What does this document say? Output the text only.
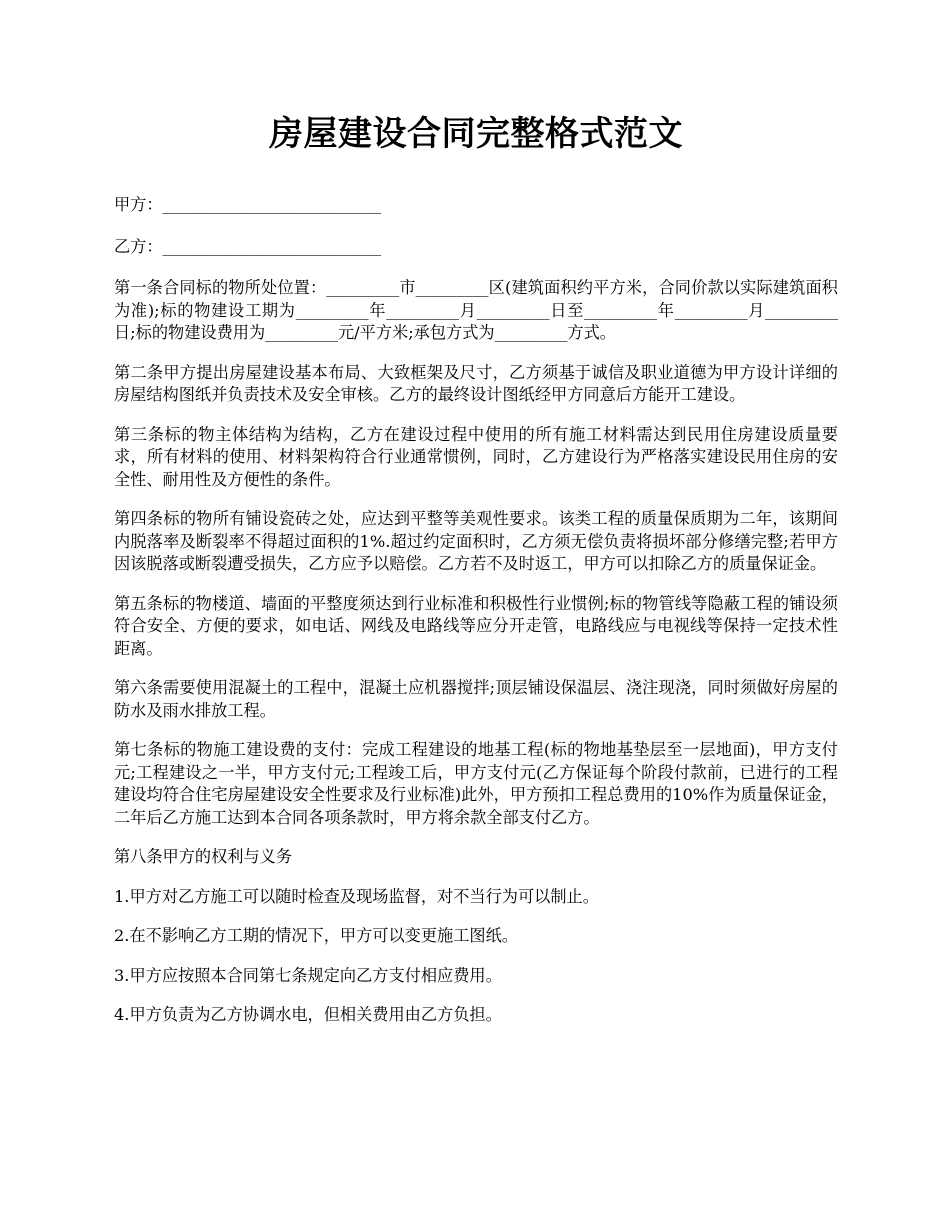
房屋建设合同完整格式范文

甲方：___________________________

乙方：___________________________

第一条合同标的物所处位置：_________市_________区(建筑面积约平方米，合同价款以实际建筑面积为准);标的物建设工期为_________年_________月_________日至_________年_________月_________日;标的物建设费用为_________元/平方米;承包方式为_________方式。

第二条甲方提出房屋建设基本布局、大致框架及尺寸，乙方须基于诚信及职业道德为甲方设计详细的房屋结构图纸并负责技术及安全审核。乙方的最终设计图纸经甲方同意后方能开工建设。

第三条标的物主体结构为结构，乙方在建设过程中使用的所有施工材料需达到民用住房建设质量要求，所有材料的使用、材料架构符合行业通常惯例，同时，乙方建设行为严格落实建设民用住房的安全性、耐用性及方便性的条件。

第四条标的物所有铺设瓷砖之处，应达到平整等美观性要求。该类工程的质量保质期为二年，该期间内脱落率及断裂率不得超过面积的1%.超过约定面积时，乙方须无偿负责将损坏部分修缮完整;若甲方因该脱落或断裂遭受损失，乙方应予以赔偿。乙方若不及时返工，甲方可以扣除乙方的质量保证金。

第五条标的物楼道、墙面的平整度须达到行业标准和积极性行业惯例;标的物管线等隐蔽工程的铺设须符合安全、方便的要求，如电话、网线及电路线等应分开走管，电路线应与电视线等保持一定技术性距离。

第六条需要使用混凝土的工程中，混凝土应机器搅拌;顶层铺设保温层、浇注现浇，同时须做好房屋的防水及雨水排放工程。

第七条标的物施工建设费的支付：完成工程建设的地基工程(标的物地基垫层至一层地面)，甲方支付元;工程建设之一半，甲方支付元;工程竣工后，甲方支付元(乙方保证每个阶段付款前，已进行的工程建设均符合住宅房屋建设安全性要求及行业标准)此外，甲方预扣工程总费用的10%作为质量保证金，二年后乙方施工达到本合同各项条款时，甲方将余款全部支付乙方。

第八条甲方的权利与义务

1.甲方对乙方施工可以随时检查及现场监督，对不当行为可以制止。

2.在不影响乙方工期的情况下，甲方可以变更施工图纸。

3.甲方应按照本合同第七条规定向乙方支付相应费用。

4.甲方负责为乙方协调水电，但相关费用由乙方负担。
